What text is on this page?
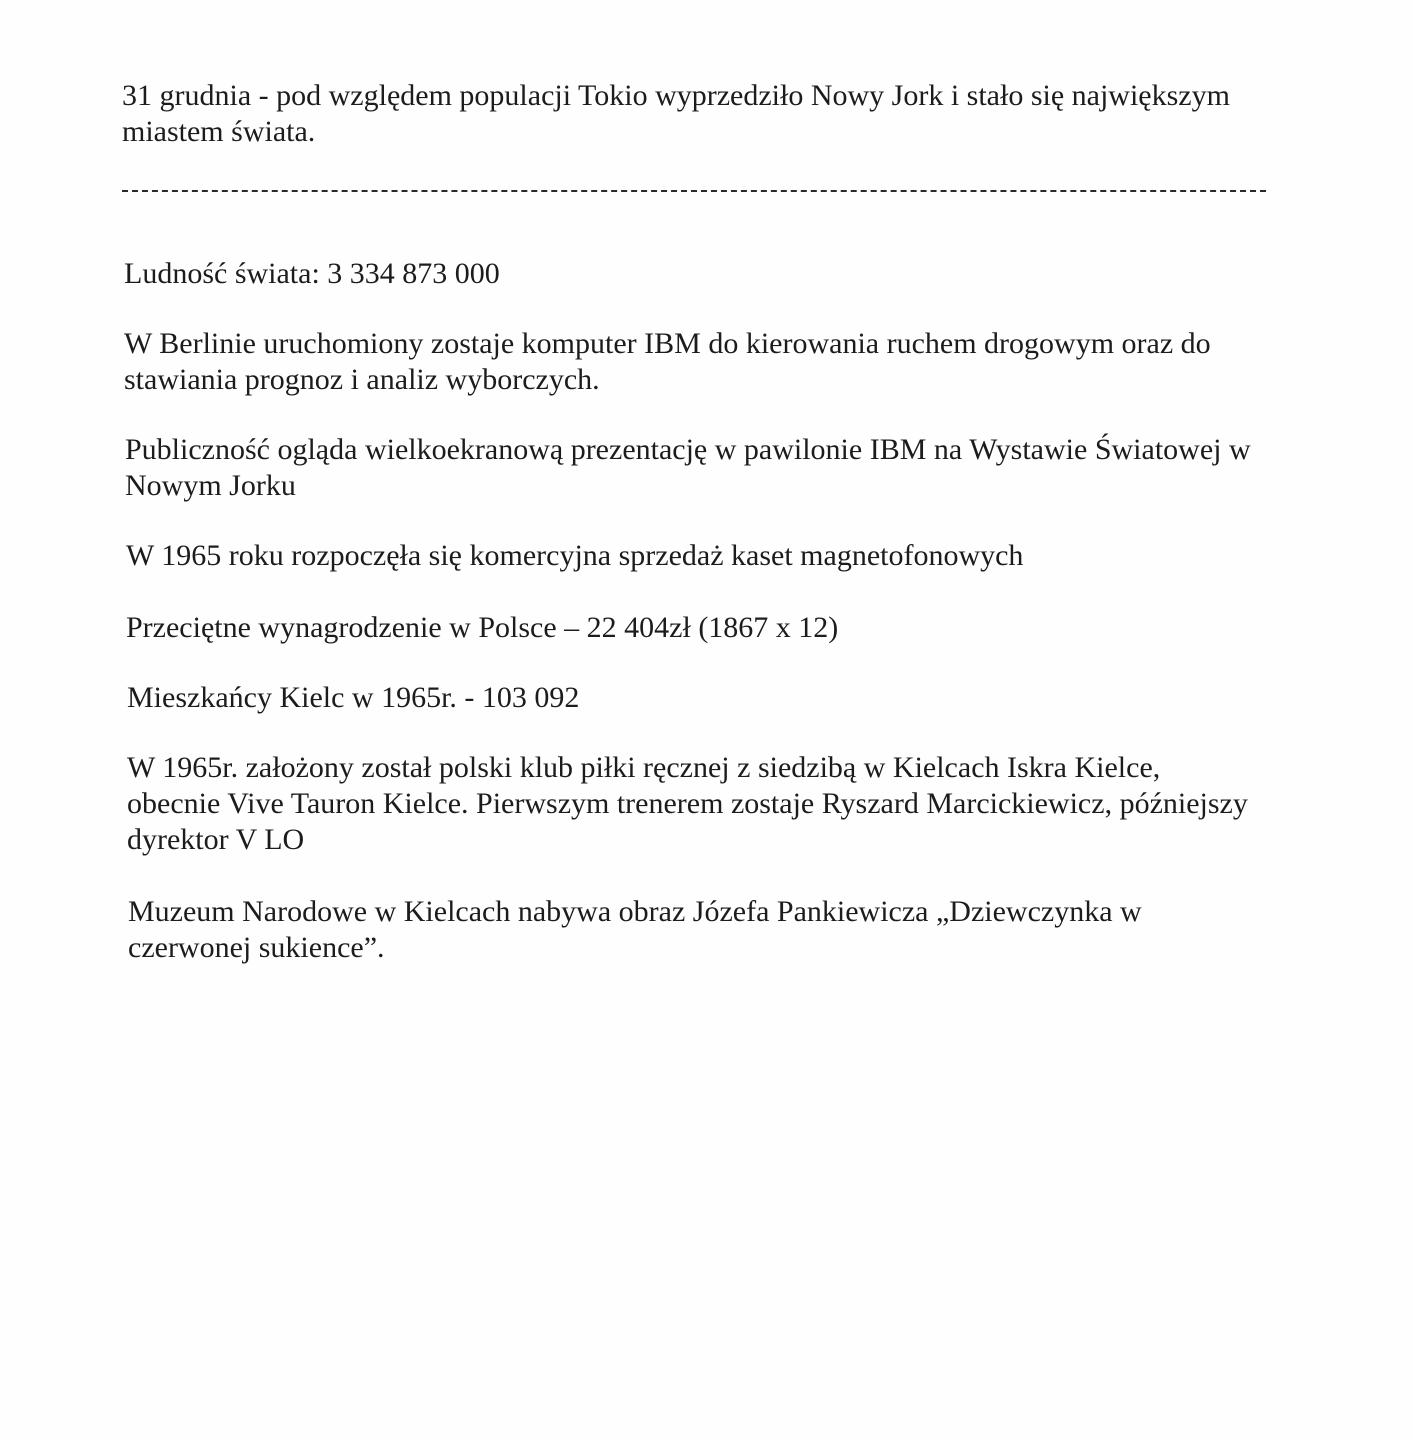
31 grudnia - pod względem populacji Tokio wyprzedziło Nowy Jork i stało się największym
miastem świata.

Ludność świata: 3 334 873 000

W Berlinie uruchomiony zostaje komputer IBM do kierowania ruchem drogowym oraz do
stawiania prognoz i analiz wyborczych.

Publiczność ogląda wielkoekranową prezentację w pawilonie IBM na Wystawie Światowej w
Nowym Jorku

W 1965 roku rozpoczęła się komercyjna sprzedaż kaset magnetofonowych

Przeciętne wynagrodzenie w Polsce – 22 404zł (1867 x 12)

Mieszkańcy Kielc w 1965r. - 103 092

W 1965r. założony został polski klub piłki ręcznej z siedzibą w Kielcach Iskra Kielce,
obecnie Vive Tauron Kielce. Pierwszym trenerem zostaje Ryszard Marcickiewicz, późniejszy
dyrektor V LO

Muzeum Narodowe w Kielcach nabywa obraz Józefa Pankiewicza „Dziewczynka w
czerwonej sukience”.
